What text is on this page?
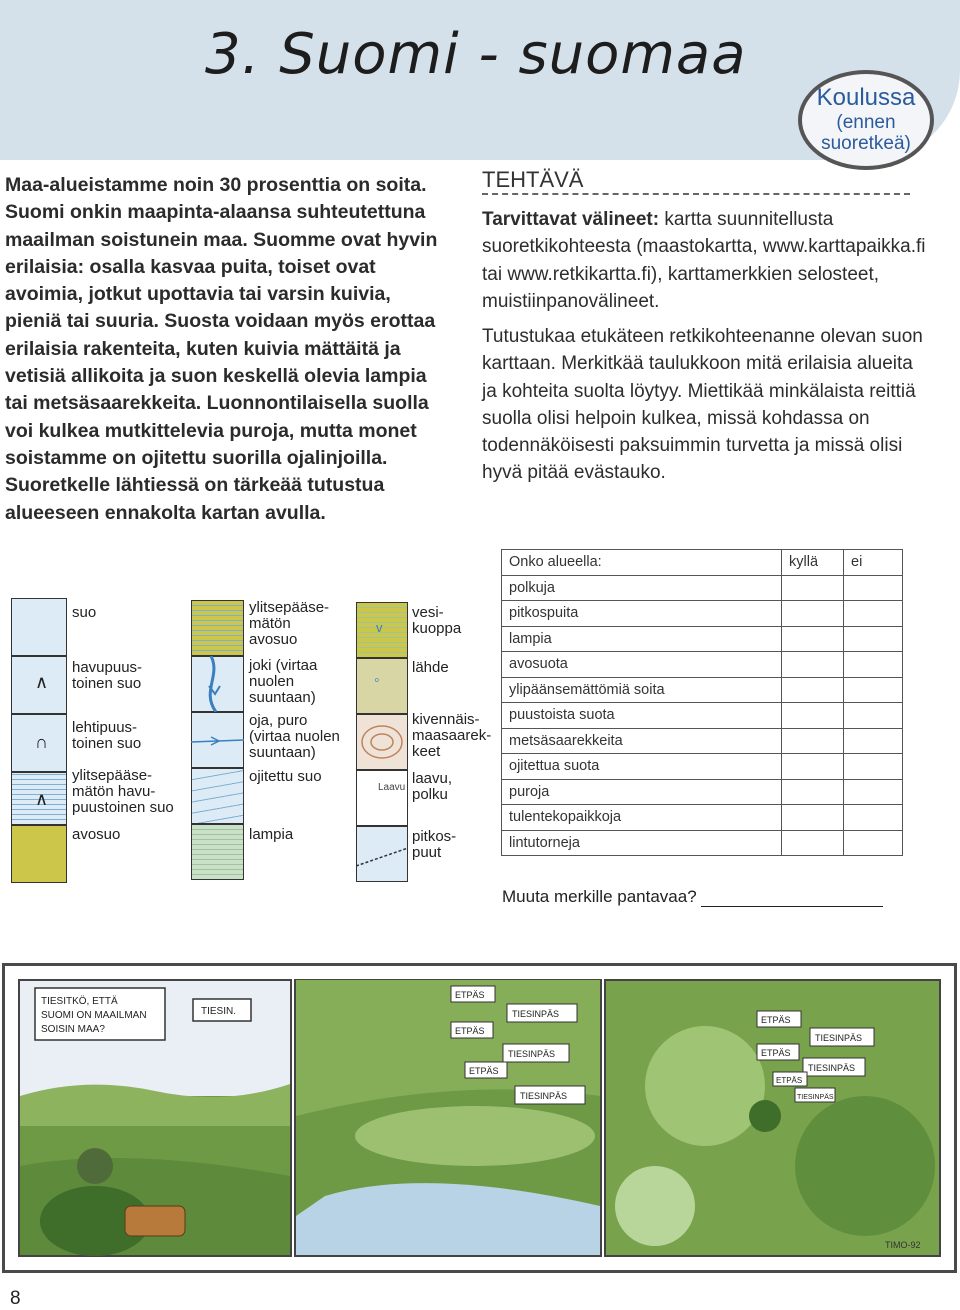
3. Suomi - suomaa
Koulussa
(ennen
suoretkeä)

Maa-alueistamme noin 30 prosenttia on soita. Suomi onkin maapinta-alaansa suhteutettuna maailman soistunein maa. Suomme ovat hyvin erilaisia: osalla kasvaa puita, toiset ovat avoimia, jotkut upottavia tai varsin kuivia, pieniä tai suuria. Suosta voidaan myös erottaa erilaisia rakenteita, kuten kuivia mättäitä ja vetisiä allikoita ja suon keskellä olevia lampia tai metsäsaarekkeita. Luonnontilaisella suolla voi kulkea mutkittelevia puroja, mutta monet soistamme on ojitettu suorilla ojalinjoilla. Suoretkelle lähtiessä on tärkeää tutustua alueeseen ennakolta kartan avulla.

TEHTÄVÄ

Tarvittavat välineet: kartta suunnitellusta suoretkikohteesta (maastokartta, www.karttapaikka.fi tai www.retkikartta.fi), karttamerkkien selosteet, muistiinpanovälineet.

Tutustukaa etukäteen retkikohteenanne olevan suon karttaan. Merkitkää taulukkoon mitä erilaisia alueita ja kohteita suolta löytyy. Miettikää minkälaista reittiä suolla olisi helpoin kulkea, missä kohdassa on todennäköisesti paksuimmin turvetta ja missä olisi hyvä pitää evästauko.

∧
∩
∧
suo
havupuus-
toinen suo
lehtipuus-
toinen suo
ylitsepääse-
mätön havu-
puustoinen suo
avosuo
ylitsepääse-
mätön
avosuo
joki (virtaa
nuolen
suuntaan)
oja, puro
(virtaa nuolen
suuntaan)
ojitettu suo
lampia
v
◦
Laavu
vesi-
kuoppa
lähde
kivennäis-
maasaarek-
keet
laavu,
polku
pitkos-
puut
Onko alueella:	kyllä	ei
polkuja		
pitkospuita		
lampia		
avosuota		
ylipäänsemättömiä soita		
puustoista suota		
metsäsaarekkeita		
ojitettua suota		
puroja		
tulentekopaikkoja		
lintutorneja		
Muuta merkille pantavaa?
TIESITKÖ, ETTÄ
SUOMI ON MAAILMAN
SOISIN MAA?
TIESIN.
ETPÄS
TIESINPÄS
ETPÄS
TIESINPÄS
ETPÄS
TIESINPÄS
ETPÄS
TIESINPÄS
ETPÄS
TIESINPÄS
ETPÄS
TIESINPÄS
TIMO-92
8
